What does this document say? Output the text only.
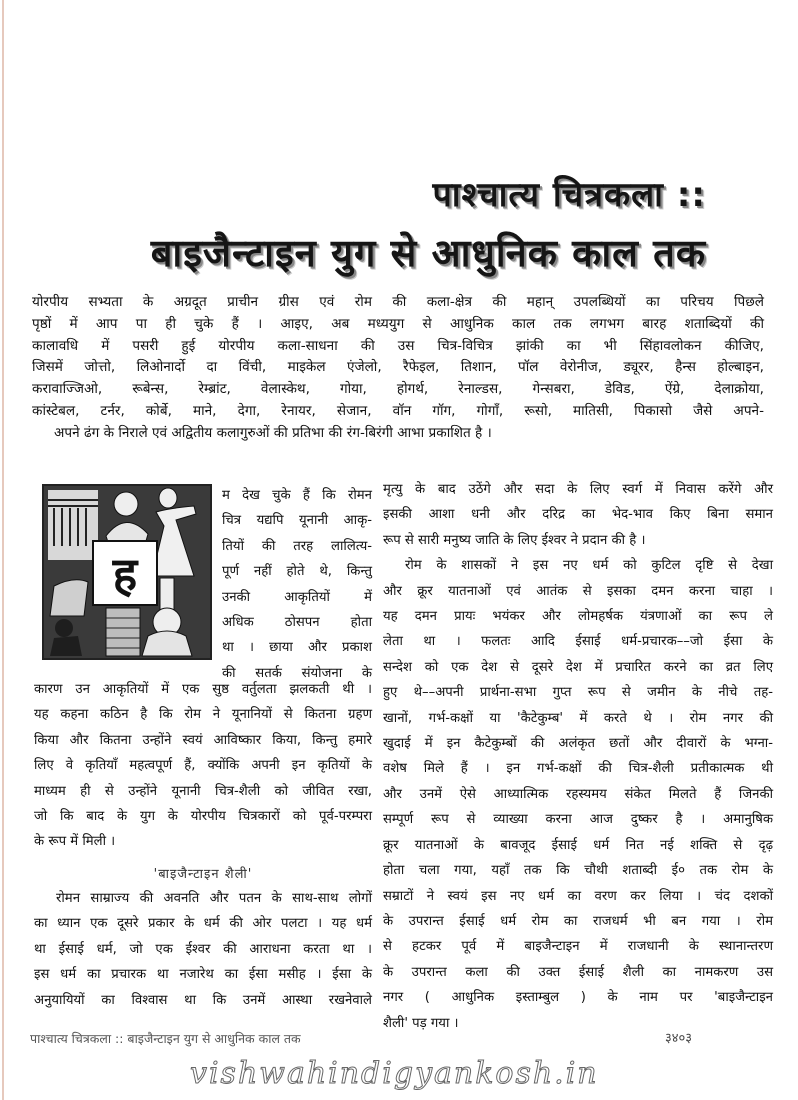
पाश्चात्य चित्रकला ::
बाइजैन्टाइन युग से आधुनिक काल तक
योरपीय सभ्यता के अग्रदूत प्राचीन ग्रीस एवं रोम की कला-क्षेत्र की महान् उपलब्धियों का परिचय पिछले
पृष्ठों में आप पा ही चुके हैं । आइए, अब मध्ययुग से आधुनिक काल तक लगभग बारह शताब्दियों की
कालावधि में पसरी हुई योरपीय कला-साधना की उस चित्र-विचित्र झांकी का भी सिंहावलोकन कीजिए,
जिसमें जोत्तो, लिओनार्दो दा विंची, माइकेल एंजेलो, रैफेइल, तिशान, पॉल वेरोनीज, ड्यूरर, हैन्स होल्बाइन,
करावाज्जिओ, रूबेन्स, रेम्ब्रांट, वेलास्केथ, गोया, होगर्थ, रेनाल्डस, गेन्सबरा, डेविड, ऐंग्रे, देलाक्रोया,
कांस्टेबल, टर्नर, कोर्बे, माने, देगा, रेनायर, सेजान, वॉन गॉग, गोगाँ, रूसो, मातिसी, पिकासो जैसे अपने-
अपने ढंग के निराले एवं अद्वितीय कलागुरुओं की प्रतिभा की रंग-बिरंगी आभा प्रकाशित है ।
ह
म देख चुके हैं कि रोमन
चित्र यद्यपि यूनानी आकृ-
तियों की तरह लालित्य-
पूर्ण नहीं होते थे, किन्तु
उनकी आकृतियों में
अधिक ठोसपन होता
था । छाया और प्रकाश
की सतर्क संयोजना के
कारण उन आकृतियों में एक सुष्ठ वर्तुलता झलकती थी ।
यह कहना कठिन है कि रोम ने यूनानियों से कितना ग्रहण
किया और कितना उन्होंने स्वयं आविष्कार किया, किन्तु हमारे
लिए वे कृतियाँ महत्वपूर्ण हैं, क्योंकि अपनी इन कृतियों के
माध्यम ही से उन्होंने यूनानी चित्र-शैली को जीवित रखा,
जो कि बाद के युग के योरपीय चित्रकारों को पूर्व-परम्परा
के रूप में मिली ।
'बाइजैन्टाइन शैली'
रोमन साम्राज्य की अवनति और पतन के साथ-साथ लोगों
का ध्यान एक दूसरे प्रकार के धर्म की ओर पलटा । यह धर्म
था ईसाई धर्म, जो एक ईश्वर की आराधना करता था ।
इस धर्म का प्रचारक था नजारेथ का ईसा मसीह । ईसा के
अनुयायियों का विश्वास था कि उनमें आस्था रखनेवाले
मृत्यु के बाद उठेंगे और सदा के लिए स्वर्ग में निवास करेंगे और
इसकी आशा धनी और दरिद्र का भेद-भाव किए बिना समान
रूप से सारी मनुष्य जाति के लिए ईश्वर ने प्रदान की है ।
रोम के शासकों ने इस नए धर्म को कुटिल दृष्टि से देखा
और क्रूर यातनाओं एवं आतंक से इसका दमन करना चाहा ।
यह दमन प्रायः भयंकर और लोमहर्षक यंत्रणाओं का रूप ले
लेता था । फलतः आदि ईसाई धर्म-प्रचारक––जो ईसा के
सन्देश को एक देश से दूसरे देश में प्रचारित करने का व्रत लिए
हुए थे––अपनी प्रार्थना-सभा गुप्त रूप से जमीन के नीचे तह-
खानों, गर्भ-कक्षों या 'कैटेकुम्ब' में करते थे । रोम नगर की
खुदाई में इन कैटेकुम्बों की अलंकृत छतों और दीवारों के भग्ना-
वशेष मिले हैं । इन गर्भ-कक्षों की चित्र-शैली प्रतीकात्मक थी
और उनमें ऐसे आध्यात्मिक रहस्यमय संकेत मिलते हैं जिनकी
सम्पूर्ण रूप से व्याख्या करना आज दुष्कर है । अमानुषिक
क्रूर यातनाओं के बावजूद ईसाई धर्म नित नई शक्ति से दृढ़
होता चला गया, यहाँ तक कि चौथी शताब्दी ई० तक रोम के
सम्राटों ने स्वयं इस नए धर्म का वरण कर लिया । चंद दशकों
के उपरान्त ईसाई धर्म रोम का राजधर्म भी बन गया । रोम
से हटकर पूर्व में बाइजैन्टाइन में राजधानी के स्थानान्तरण
के उपरान्त कला की उक्त ईसाई शैली का नामकरण उस
नगर ( आधुनिक इस्ताम्बुल ) के नाम पर 'बाइजैन्टाइन
शैली' पड़ गया ।
पाश्चात्य चित्रकला :: बाइजैन्टाइन युग से आधुनिक काल तक	३४०३
vishwahindigyankosh.in
